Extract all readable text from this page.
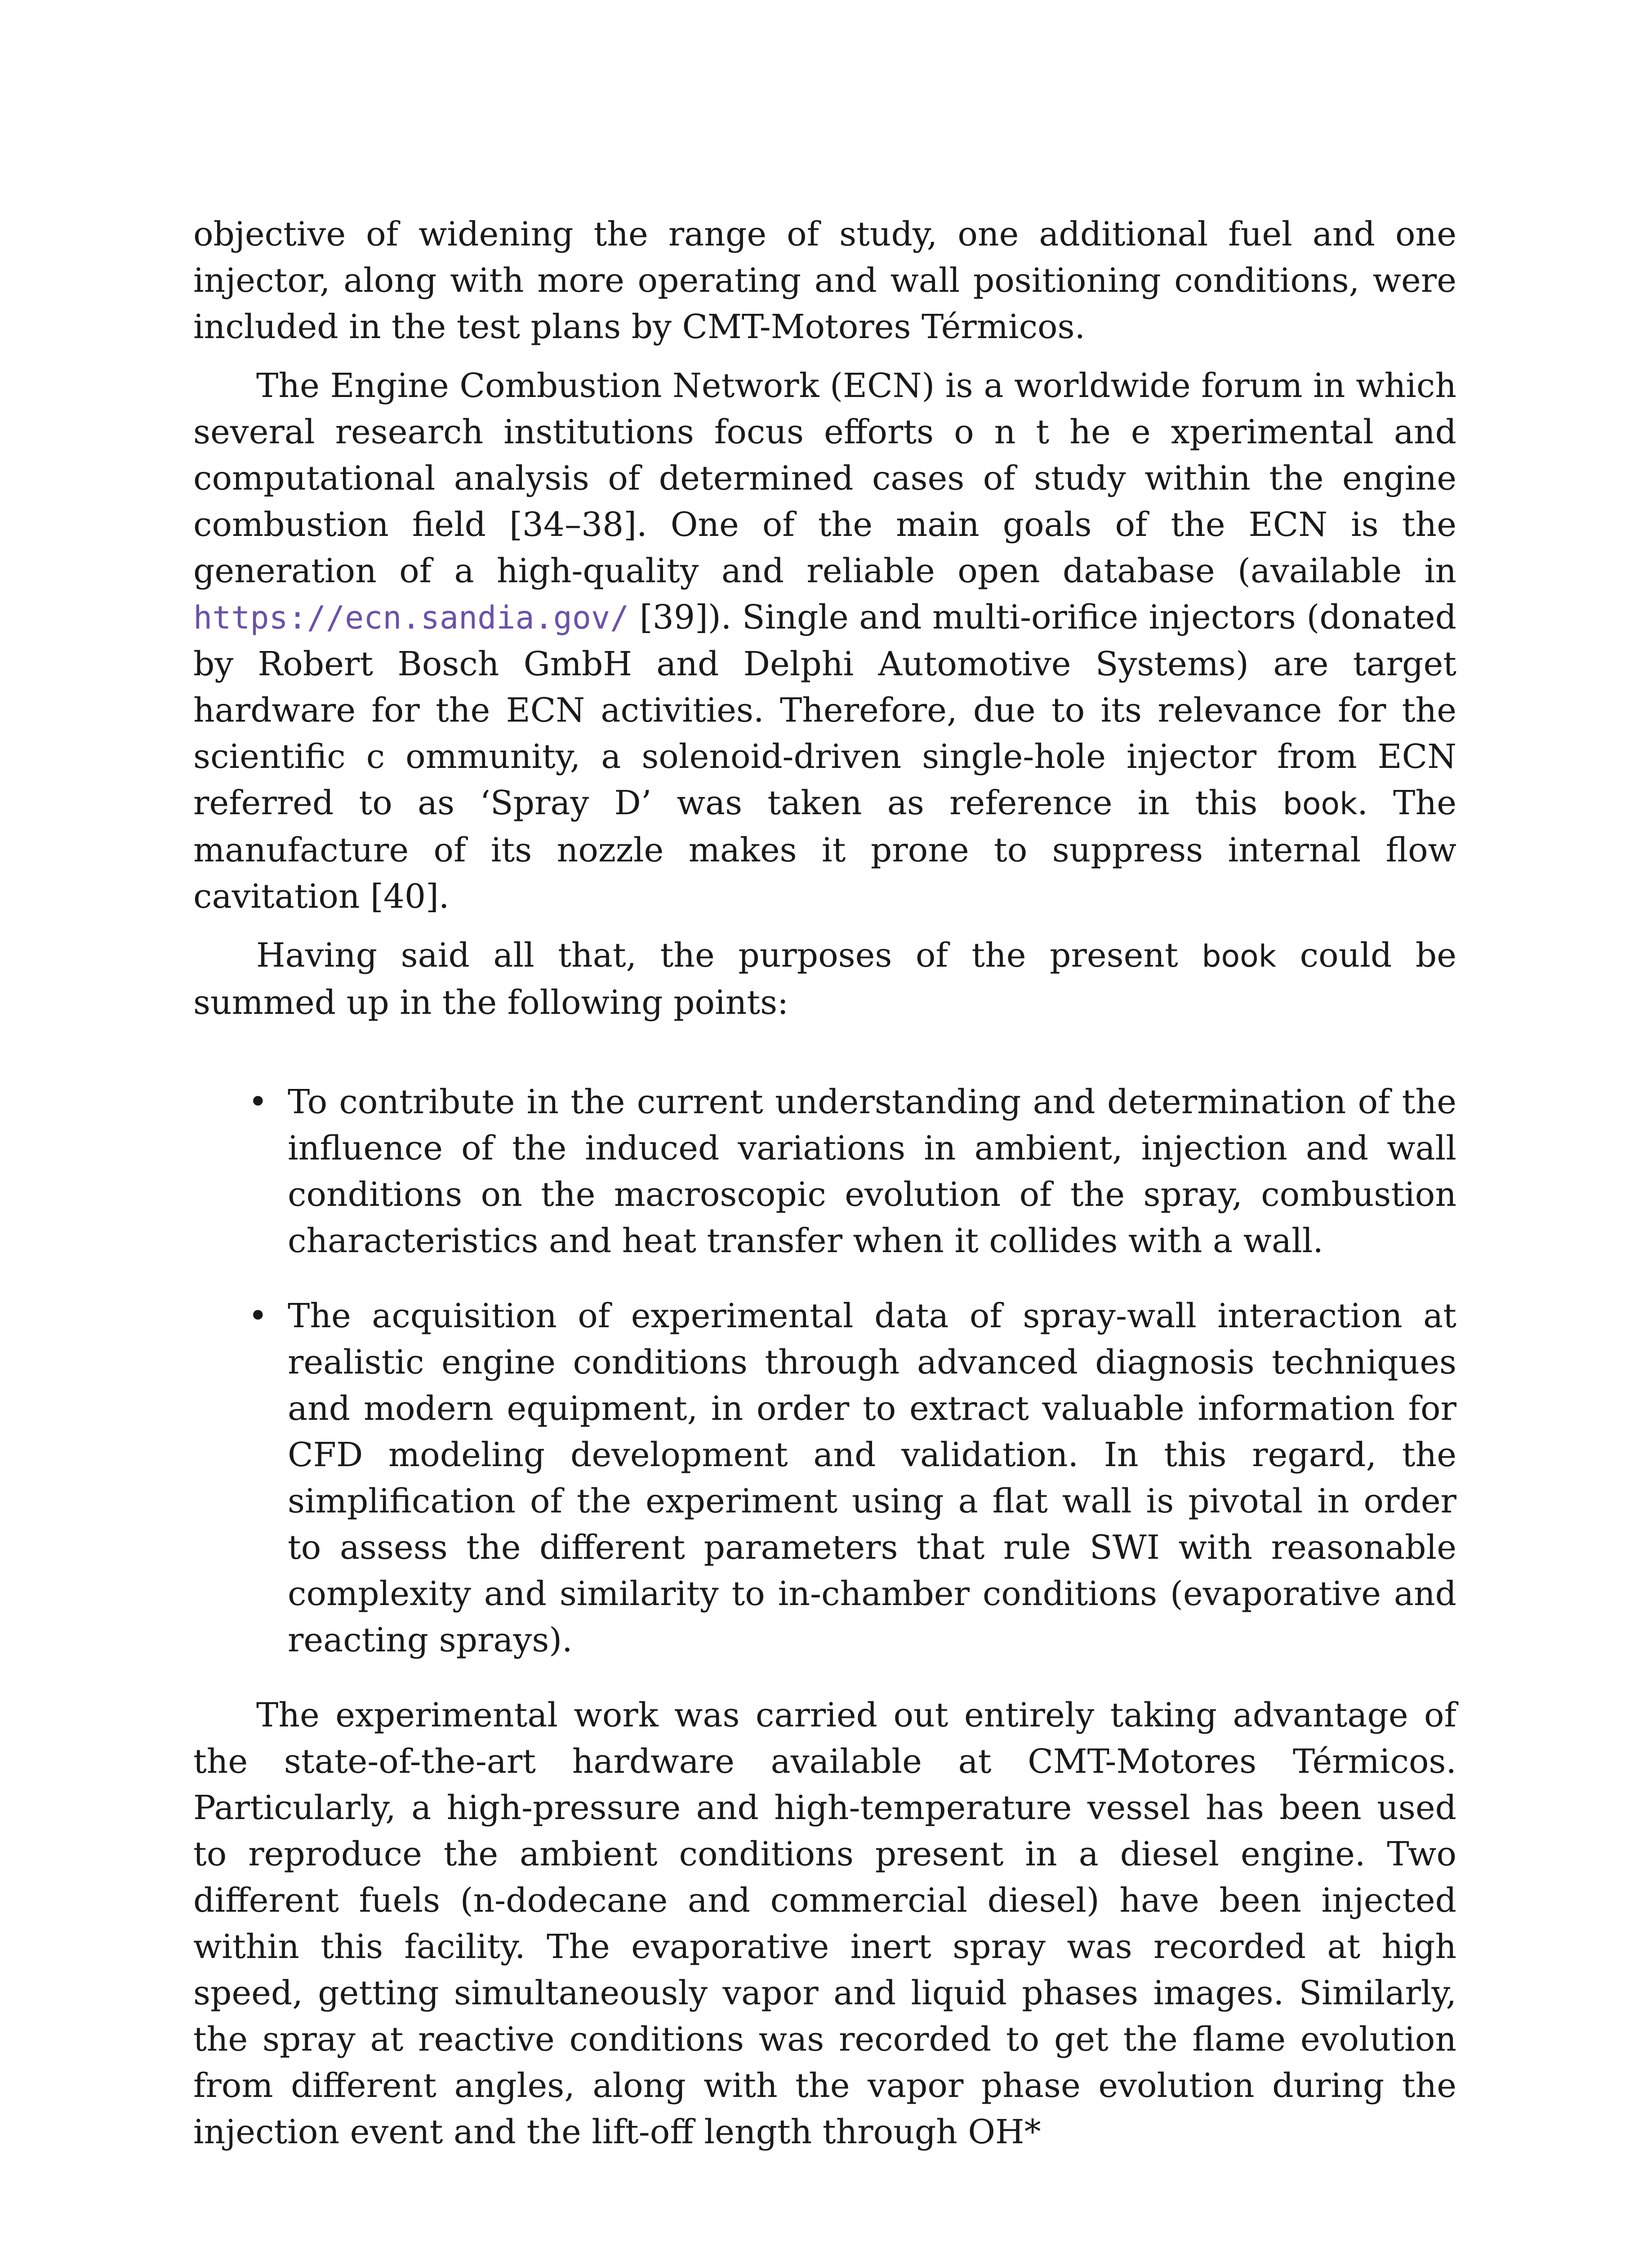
objective of widening the range of study, one additional fuel and one injector, along with more operating and wall positioning conditions, were included in the test plans by CMT-Motores Térmicos.

The Engine Combustion Network (ECN) is a worldwide forum in which several research institutions focus efforts o n t he e xperimental and computational analysis of determined cases of study within the engine combustion field [34–38]. One of the main goals of the ECN is the generation of a high-quality and reliable open database (available in https://ecn.sandia.gov/ [39]). Single and multi-orifice injectors (donated by Robert Bosch GmbH and Delphi Automotive Systems) are target hardware for the ECN activities. Therefore, due to its relevance for the scientific c ommunity, a solenoid-driven single-hole injector from ECN referred to as ‘Spray D’ was taken as reference in this book. The manufacture of its nozzle makes it prone to suppress internal flow cavitation [40].

Having said all that, the purposes of the present book could be summed up in the following points:

• To contribute in the current understanding and determination of the influence of the induced variations in ambient, injection and wall conditions on the macroscopic evolution of the spray, combustion characteristics and heat transfer when it collides with a wall.
• The acquisition of experimental data of spray-wall interaction at realistic engine conditions through advanced diagnosis techniques and modern equipment, in order to extract valuable information for CFD modeling development and validation. In this regard, the simplification of the experiment using a flat wall is pivotal in order to assess the different parameters that rule SWI with reasonable complexity and similarity to in-chamber conditions (evaporative and reacting sprays).

The experimental work was carried out entirely taking advantage of the state-of-the-art hardware available at CMT-Motores Térmicos. Particularly, a high-pressure and high-temperature vessel has been used to reproduce the ambient conditions present in a diesel engine. Two different fuels (n-dodecane and commercial diesel) have been injected within this facility. The evaporative inert spray was recorded at high speed, getting simultaneously vapor and liquid phases images. Similarly, the spray at reactive conditions was recorded to get the flame evolution from different angles, along with the vapor phase evolution during the injection event and the lift-off length through OH*
